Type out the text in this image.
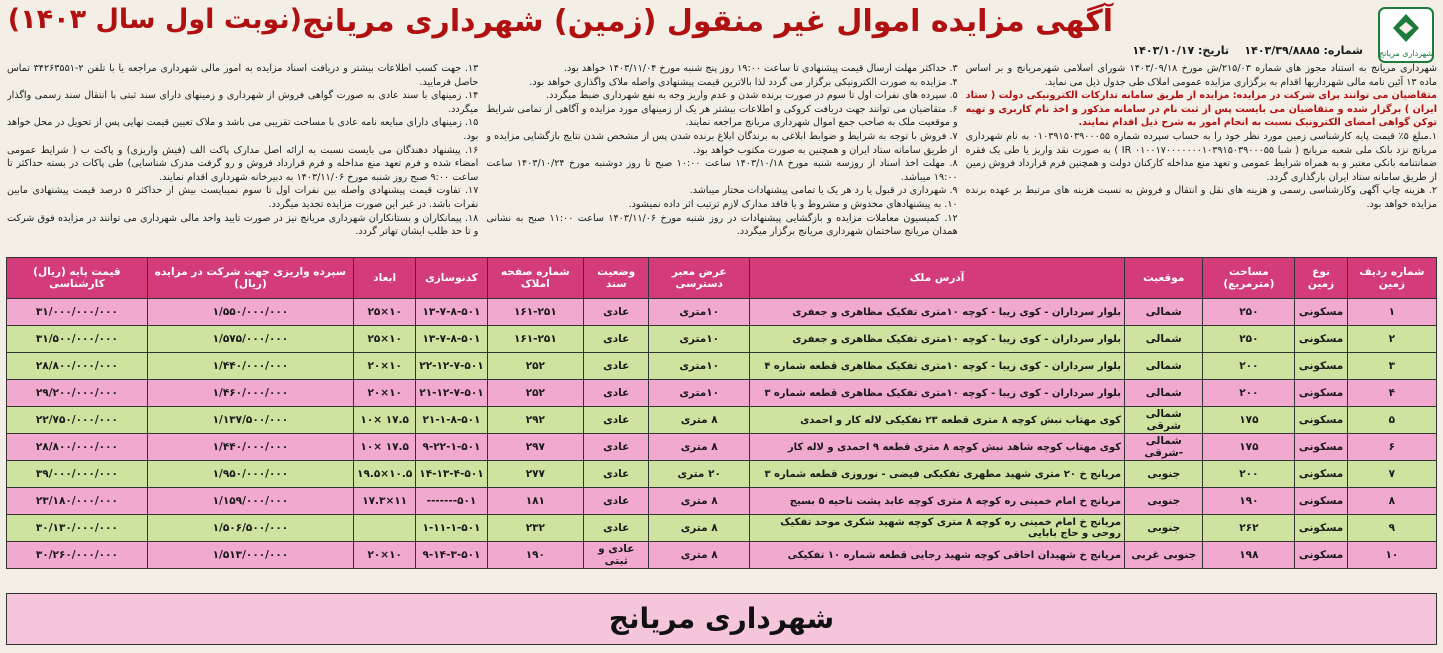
شهرداری مریانج
آگهی مزایده اموال غیر منقول (زمین) شهرداری مریانج
(نوبت اول سال ۱۴۰۳)
شماره: ۱۴۰۳/۳۹/۸۸۸۵    تاریخ: ۱۴۰۳/۱۰/۱۷

شهرداری مریانج به استناد مجوز های شماره ۲۱۵/۰۳/ش مورخ ۱۴۰۳/۰۹/۱۸ شورای اسلامی شهرمریانج و بر اساس ماده ۱۳ آئین نامه مالی شهرداریها اقدام به برگزاری مزایده عمومی املاک طی جدول ذیل می نماید.

متقاضیان می توانند برای شرکت در مزایده: مزایده از طریق سامانه تدارکات الکترونیکی دولت ( ستاد ایران ) برگزار شده و متقاضیان می بایست پس از ثبت نام در سامانه مذکور و اخذ نام کاربری و تهیه توکن گواهی امضای الکترونیک نسبت به انجام امور به شرح ذیل اقدام نمایند.

۱.مبلغ ۵٪ قیمت پایه کارشناسی زمین مورد نظر خود را به حساب سپرده شماره ۰۱۰۳۹۱۵۰۳۹۰۰۰۵۵ به نام شهرداری مریانج نزد بانک ملی شعبه مریانج ( شبا IR ۰۱۰۰۱۷۰۰۰۰۰۰۰۱۰۳۹۱۵۰۳۹۰۰۰۵۵ ) به صورت نقد واریز یا طی یک فقره ضمانتنامه بانکی معتبر و به همراه شرایط عمومی و تعهد منع مداخله کارکنان دولت و همچنین فرم قرارداد فروش زمین از طریق سامانه ستاد ایران بارگذاری گردد.

۲. هزینه چاپ آگهی وکارشناسی رسمی و هزینه های نقل و انتقال و فروش به نسبت هزینه های مرتبط بر عهده برنده مزایده خواهد بود.

۳. حداکثر مهلت ارسال قیمت پیشنهادی تا ساعت ۱۹:۰۰ روز پنج شنبه مورخ ۱۴۰۳/۱۱/۰۴ خواهد بود.

۴. مزایده به صورت الکترونیکی برگزار می گردد لذا بالاترین قیمت پیشنهادی واصله ملاک واگذاری خواهد بود.

۵. سپرده های نفرات اول تا سوم در صورت برنده شدن و عدم واریز وجه به نفع شهرداری ضبط میگردد.

۶. متقاضیان می توانند جهت دریافت کروکی و اطلاعات بیشتر هر یک از زمینهای مورد مزایده و آگاهی از تمامی شرایط و موقعیت ملک به صاحب جمع اموال شهرداری مریانج مراجعه نمایند.

۷. فروش با توجه به شرایط و ضوابط ابلاغی به برندگان ابلاغ برنده شدن پس از مشخص شدن نتایج بازگشایی مزایده و از طریق سامانه ستاد ایران و همچنین به صورت مکتوب خواهد بود.

۸. مهلت اخذ اسناد از روزسه شنبه مورخ ۱۴۰۳/۱۰/۱۸ ساعت ۱۰:۰۰ صبح تا روز دوشنبه مورخ ۱۴۰۳/۱۰/۲۴ ساعت ۱۹:۰۰ میباشد.

۹. شهرداری در قبول یا رد هر یک یا تمامی پیشنهادات مختار میباشد.

۱۰. به پیشنهادهای مخدوش و مشروط و یا فاقد مدارک لازم ترتیب اثر داده نمیشود.

۱۲. کمیسیون معاملات مزایده و بازگشایی پیشنهادات در روز شنبه مورخ ۱۴۰۳/۱۱/۰۶ ساعت ۱۱:۰۰ صبح به نشانی همدان مریانج ساختمان شهرداری مریانج برگزار میگردد.

۱۳. جهت کسب اطلاعات بیشتر و دریافت اسناد مزایده به امور مالی شهرداری مراجعه یا با تلفن ۲-۳۴۲۶۳۵۵۱ تماس حاصل فرمایید.

۱۴. زمینهای با سند عادی به صورت گواهی فروش از شهرداری و زمینهای دارای سند ثبتی با انتقال سند رسمی واگذار میگردد.

۱۵. زمینهای دارای مبایعه نامه عادی با مساحت تقریبی می باشد و ملاک تعیین قیمت نهایی پس از تحویل در محل خواهد بود.

۱۶. پیشنهاد دهندگان می بایست نسبت به ارائه اصل مدارک پاکت الف (فیش واریزی) و پاکت ب ( شرایط عمومی امضاء شده و فرم تعهد منع مداخله و فرم قرارداد فروش و رو گرفت مدرک شناسایی) طی پاکات در بسته حداکثر تا ساعت ۹:۰۰ صبح روز شنبه مورخ ۱۴۰۳/۱۱/۰۶ به دبیرخانه شهرداری اقدام نمایند.

۱۷. تفاوت قیمت پیشنهادی واصله بین نفرات اول تا سوم نمیبایست بیش از حداکثر ۵ درصد قیمت پیشنهادی مابین نفرات باشد. در غیر این صورت مزایده تجدید میگردد.

۱۸. پیمانکاران و بستانکاران شهرداری مریانج نیز در صورت تایید واحد مالی شهرداری می توانند در مزایده فوق شرکت و تا حد طلب ایشان تهاتر گردد.

شماره ردیف زمین	نوع زمین	مساحت (مترمربع)	موقعیت	آدرس ملک	عرض معبر دسترسی	وضعیت سند	شماره صفحه املاک	کدنوسازی	ابعاد	سپرده واریزی جهت شرکت در مزایده (ریال)	قیمت پایه (ریال) کارشناسی
۱	مسکونی	۲۵۰	شمالی	بلوار سرداران - کوی زیبا - کوچه ۱۰متری تفکیک مظاهری و جعفری	۱۰متری	عادی	۱۶۱-۲۵۱	۱۳-۷-۸-۵۰۱	۱۰×۲۵	۱/۵۵۰/۰۰۰/۰۰۰	۳۱/۰۰۰/۰۰۰/۰۰۰
۲	مسکونی	۲۵۰	شمالی	بلوار سرداران - کوی زیبا - کوچه ۱۰متری تفکیک مظاهری و جعفری	۱۰متری	عادی	۱۶۱-۲۵۱	۱۳-۷-۸-۵۰۱	۱۰×۲۵	۱/۵۷۵/۰۰۰/۰۰۰	۳۱/۵۰۰/۰۰۰/۰۰۰
۳	مسکونی	۲۰۰	شمالی	بلوار سرداران - کوی زیبا - کوچه ۱۰متری تفکیک مظاهری قطعه شماره ۴	۱۰متری	عادی	۲۵۲	۲۲-۱۲-۷-۵۰۱	۱۰×۲۰	۱/۴۴۰/۰۰۰/۰۰۰	۲۸/۸۰۰/۰۰۰/۰۰۰
۴	مسکونی	۲۰۰	شمالی	بلوار سرداران - کوی زیبا - کوچه ۱۰متری تفکیک مظاهری قطعه شماره ۳	۱۰متری	عادی	۲۵۲	۲۱-۱۲-۷-۵۰۱	۱۰×۲۰	۱/۴۶۰/۰۰۰/۰۰۰	۲۹/۲۰۰/۰۰۰/۰۰۰
۵	مسکونی	۱۷۵	شمالی شرقی	کوی مهتاب نبش کوچه ۸ متری قطعه ۲۳ تفکیکی لاله کار و احمدی	۸ متری	عادی	۲۹۲	۲۱-۱-۸-۵۰۱	۱۷.۵ ×۱۰	۱/۱۳۷/۵۰۰/۰۰۰	۲۲/۷۵۰/۰۰۰/۰۰۰
۶	مسکونی	۱۷۵	شمالی -شرقی	کوی مهتاب کوچه شاهد نبش کوچه ۸ متری قطعه ۹ احمدی و لاله کار	۸ متری	عادی	۲۹۷	۹-۲۲-۱-۵۰۱	۱۷.۵ ×۱۰	۱/۴۴۰/۰۰۰/۰۰۰	۲۸/۸۰۰/۰۰۰/۰۰۰
۷	مسکونی	۲۰۰	جنوبی	مریانج خ ۲۰ متری شهید مطهری تفکیکی فیضی - نوروزی قطعه شماره ۳	۲۰ متری	عادی	۲۷۷	۱۴-۱۳-۴-۵۰۱	۱۰.۵×۱۹.۵	۱/۹۵۰/۰۰۰/۰۰۰	۳۹/۰۰۰/۰۰۰/۰۰۰
۸	مسکونی	۱۹۰	جنوبی	مریانج خ امام خمینی ره کوچه ۸ متری کوچه عابد پشت ناحیه ۵ بسیج	۸ متری	عادی	۱۸۱	۵۰۱-------	۱۱×۱۷.۳	۱/۱۵۹/۰۰۰/۰۰۰	۲۳/۱۸۰/۰۰۰/۰۰۰
۹	مسکونی	۲۶۲	جنوبی	مریانج خ امام خمینی ره کوچه ۸ متری کوچه شهید شکری موحد تفکیک روحی و حاج بابایی	۸ متری	عادی	۲۳۲	۱-۱۱-۱-۵۰۱		۱/۵۰۶/۵۰۰/۰۰۰	۳۰/۱۳۰/۰۰۰/۰۰۰
۱۰	مسکونی	۱۹۸	جنوبی غربی	مریانج خ شهیدان احاقی کوچه شهید رجایی قطعه شماره ۱۰ تفکیکی	۸ متری	عادی و ثبتی	۱۹۰	۹-۱۴-۳-۵۰۱	۱۰×۲۰	۱/۵۱۳/۰۰۰/۰۰۰	۳۰/۲۶۰/۰۰۰/۰۰۰
شهرداری مریانج
